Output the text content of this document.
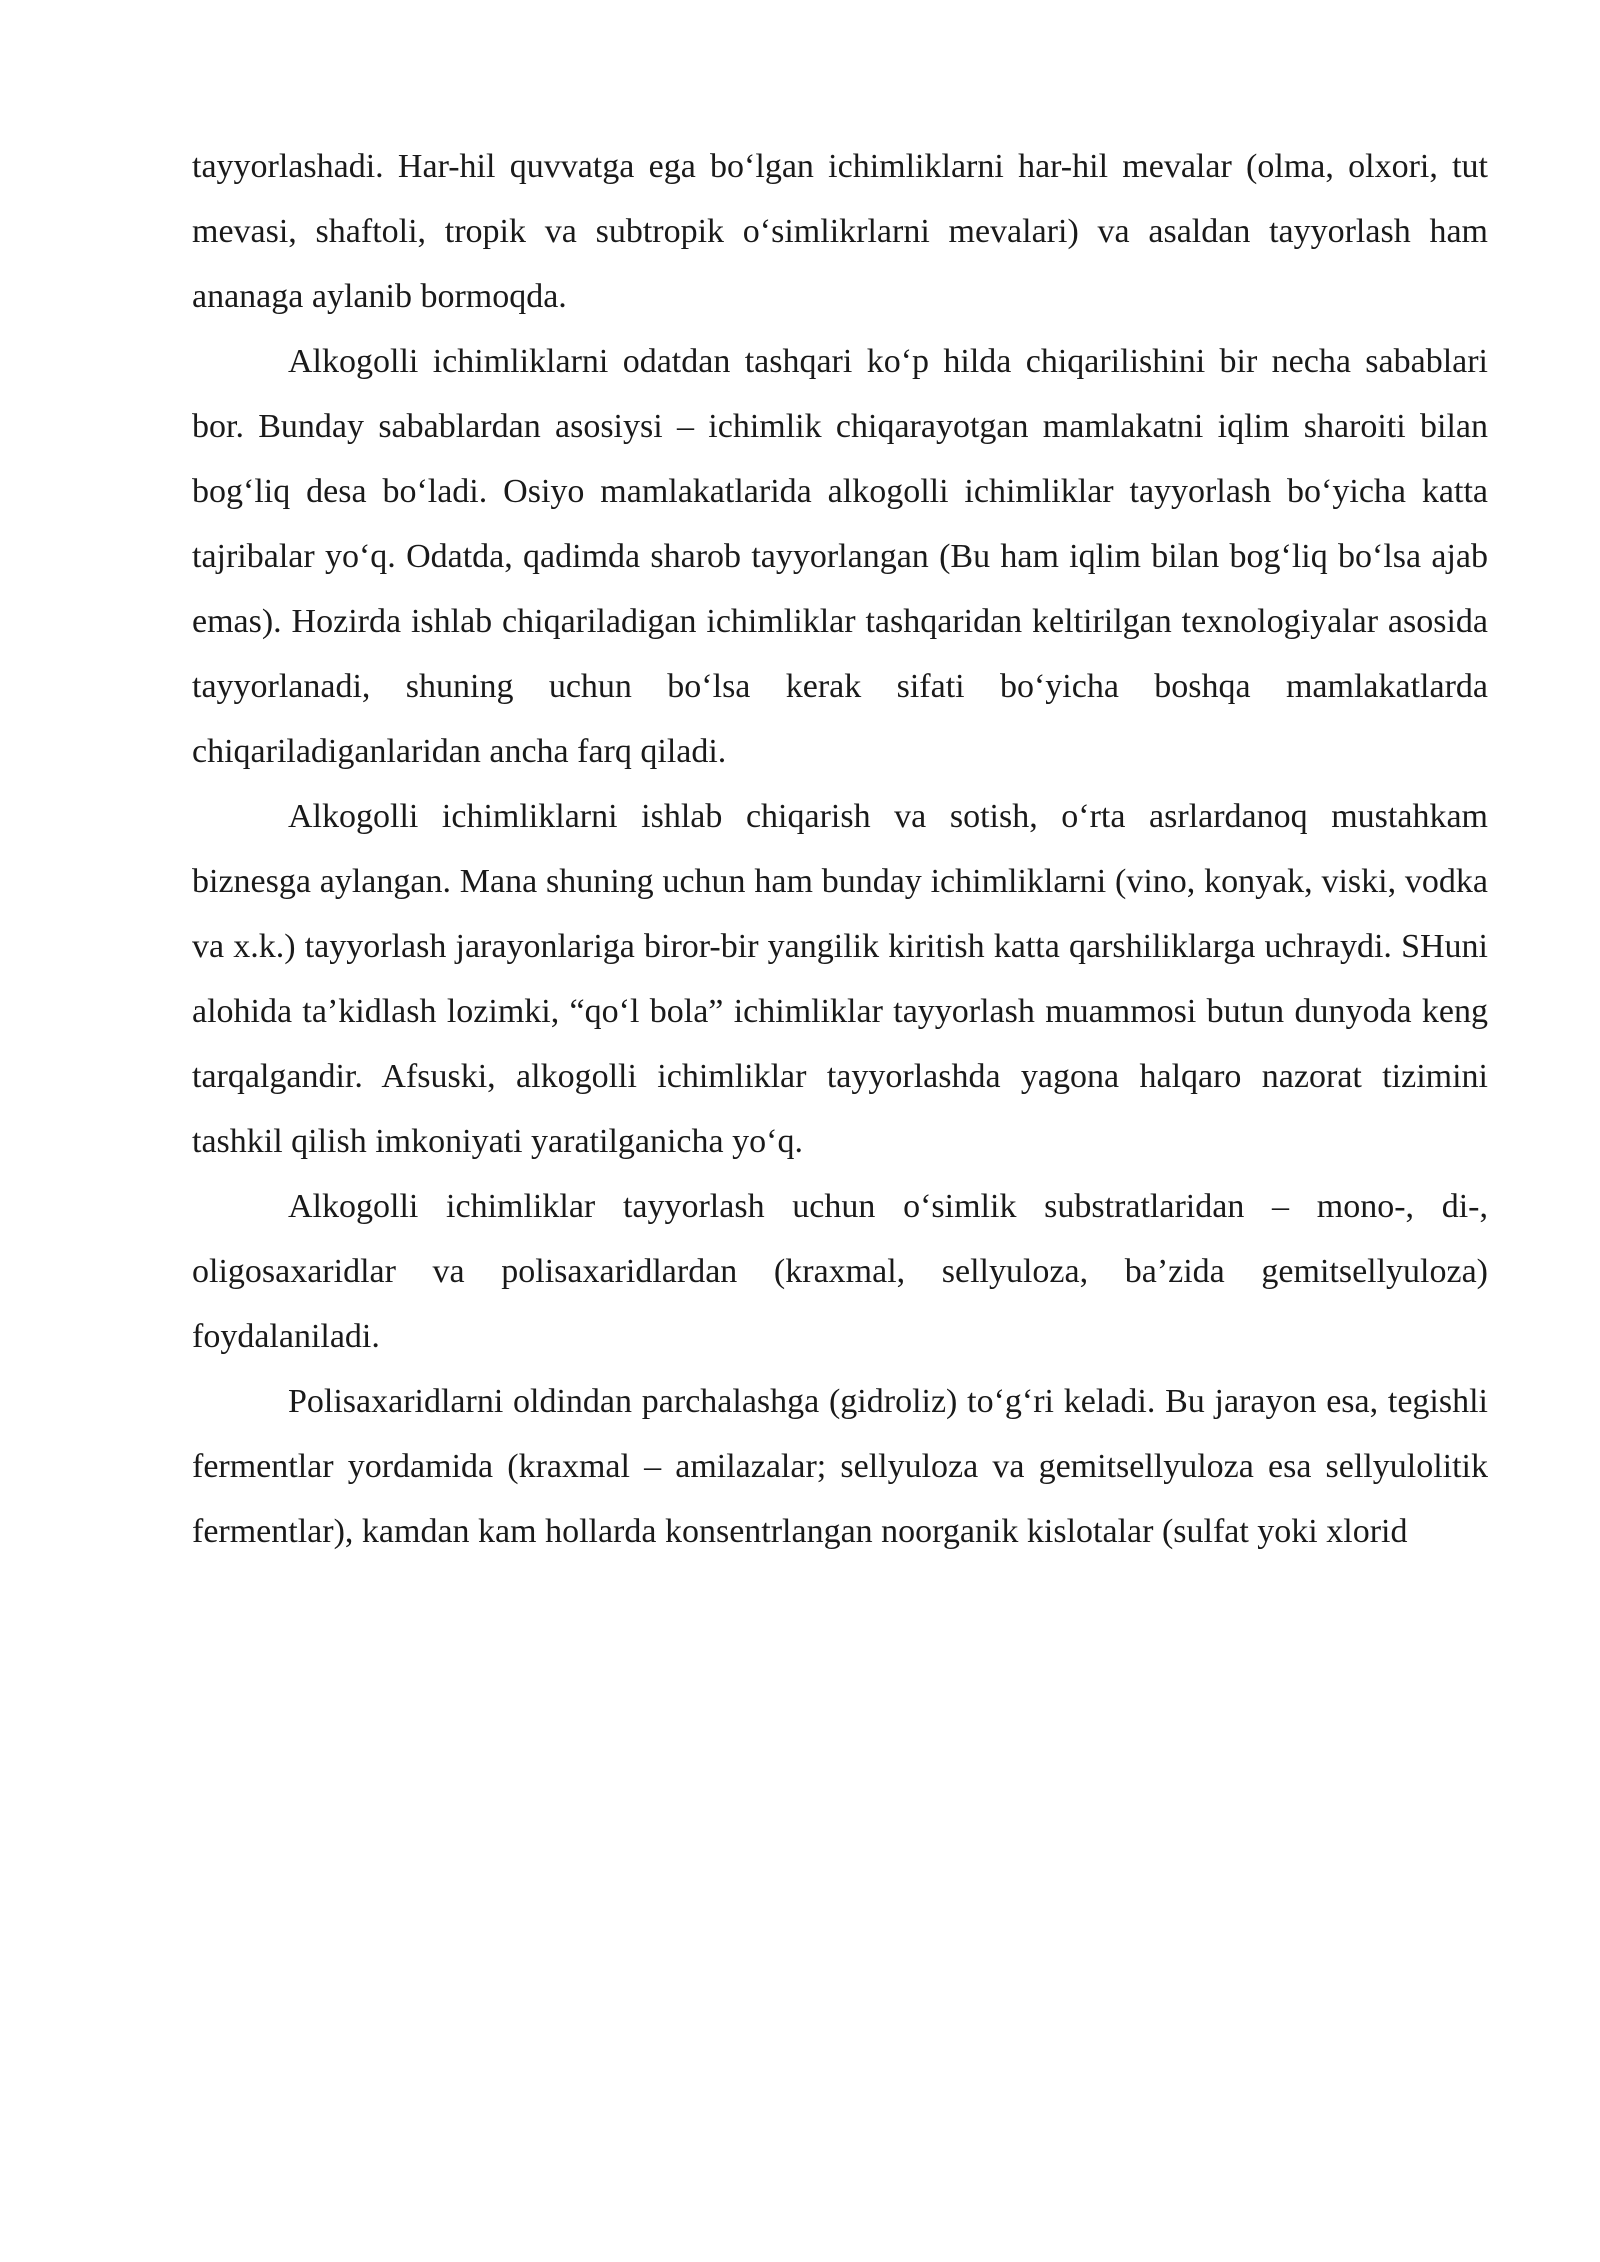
tayyorlashadi. Har-hil quvvatga ega bo‘lgan ichimliklarni har-hil mevalar (olma, olxori, tut mevasi, shaftoli, tropik va subtropik o‘simlikrlarni mevalari) va asaldan tayyorlash ham ananaga aylanib bormoqda.

Alkogolli ichimliklarni odatdan tashqari ko‘p hilda chiqarilishini bir necha sabablari bor. Bunday sabablardan asosiysi – ichimlik chiqarayotgan mamlakatni iqlim sharoiti bilan bog‘liq desa bo‘ladi. Osiyo mamlakatlarida alkogolli ichimliklar tayyorlash bo‘yicha katta tajribalar yo‘q. Odatda, qadimda sharob tayyorlangan (Bu ham iqlim bilan bog‘liq bo‘lsa ajab emas). Hozirda ishlab chiqariladigan ichimliklar tashqaridan keltirilgan texnologiyalar asosida tayyorlanadi, shuning uchun bo‘lsa kerak sifati bo‘yicha boshqa mamlakatlarda chiqariladiganlaridan ancha farq qiladi.

Alkogolli ichimliklarni ishlab chiqarish va sotish, o‘rta asrlardanoq mustahkam biznesga aylangan. Mana shuning uchun ham bunday ichimliklarni (vino, konyak, viski, vodka va x.k.) tayyorlash jarayonlariga biror-bir yangilik kiritish katta qarshiliklarga uchraydi. SHuni alohida ta’kidlash lozimki, “qo‘l bola” ichimliklar tayyorlash muammosi butun dunyoda keng tarqalgandir. Afsuski, alkogolli ichimliklar tayyorlashda yagona halqaro nazorat tizimini tashkil qilish imkoniyati yaratilganicha yo‘q.

Alkogolli ichimliklar tayyorlash uchun o‘simlik substratlaridan – mono-, di-, oligosaxaridlar va polisaxaridlardan (kraxmal, sellyuloza, ba’zida gemitsellyuloza) foydalaniladi.

Polisaxaridlarni oldindan parchalashga (gidroliz) to‘g‘ri keladi. Bu jarayon esa, tegishli fermentlar yordamida (kraxmal – amilazalar; sellyuloza va gemitsellyuloza esa sellyulolitik fermentlar), kamdan kam hollarda konsentrlangan noorganik kislotalar (sulfat yoki xlorid
